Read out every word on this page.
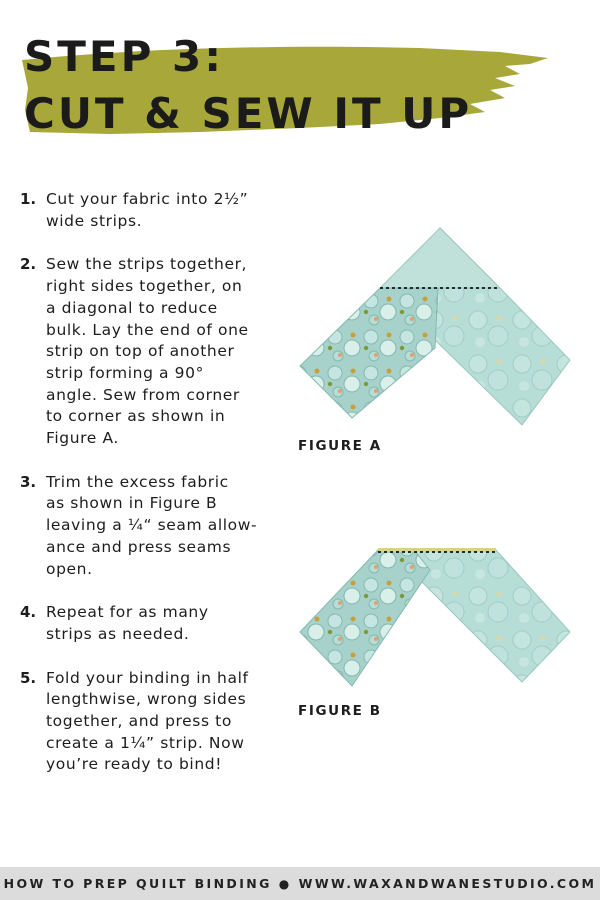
STEP 3:
CUT & SEW IT UP
1. Cut your fabric into 2½”
wide strips.
2. Sew the strips together,
right sides together, on
a diagonal to reduce
bulk. Lay the end of one
strip on top of another
strip forming a 90°
angle. Sew from corner
to corner as shown in
Figure A.
3. Trim the excess fabric
as shown in Figure B
leaving a ¼“ seam allow-
ance and press seams
open.
4. Repeat for as many
strips as needed.
5. Fold your binding in half
lengthwise, wrong sides
together, and press to
create a 1¼” strip. Now
you’re ready to bind!
FIGURE A
FIGURE B
HOW TO PREP QUILT BINDING ● WWW.WAXANDWANESTUDIO.COM
